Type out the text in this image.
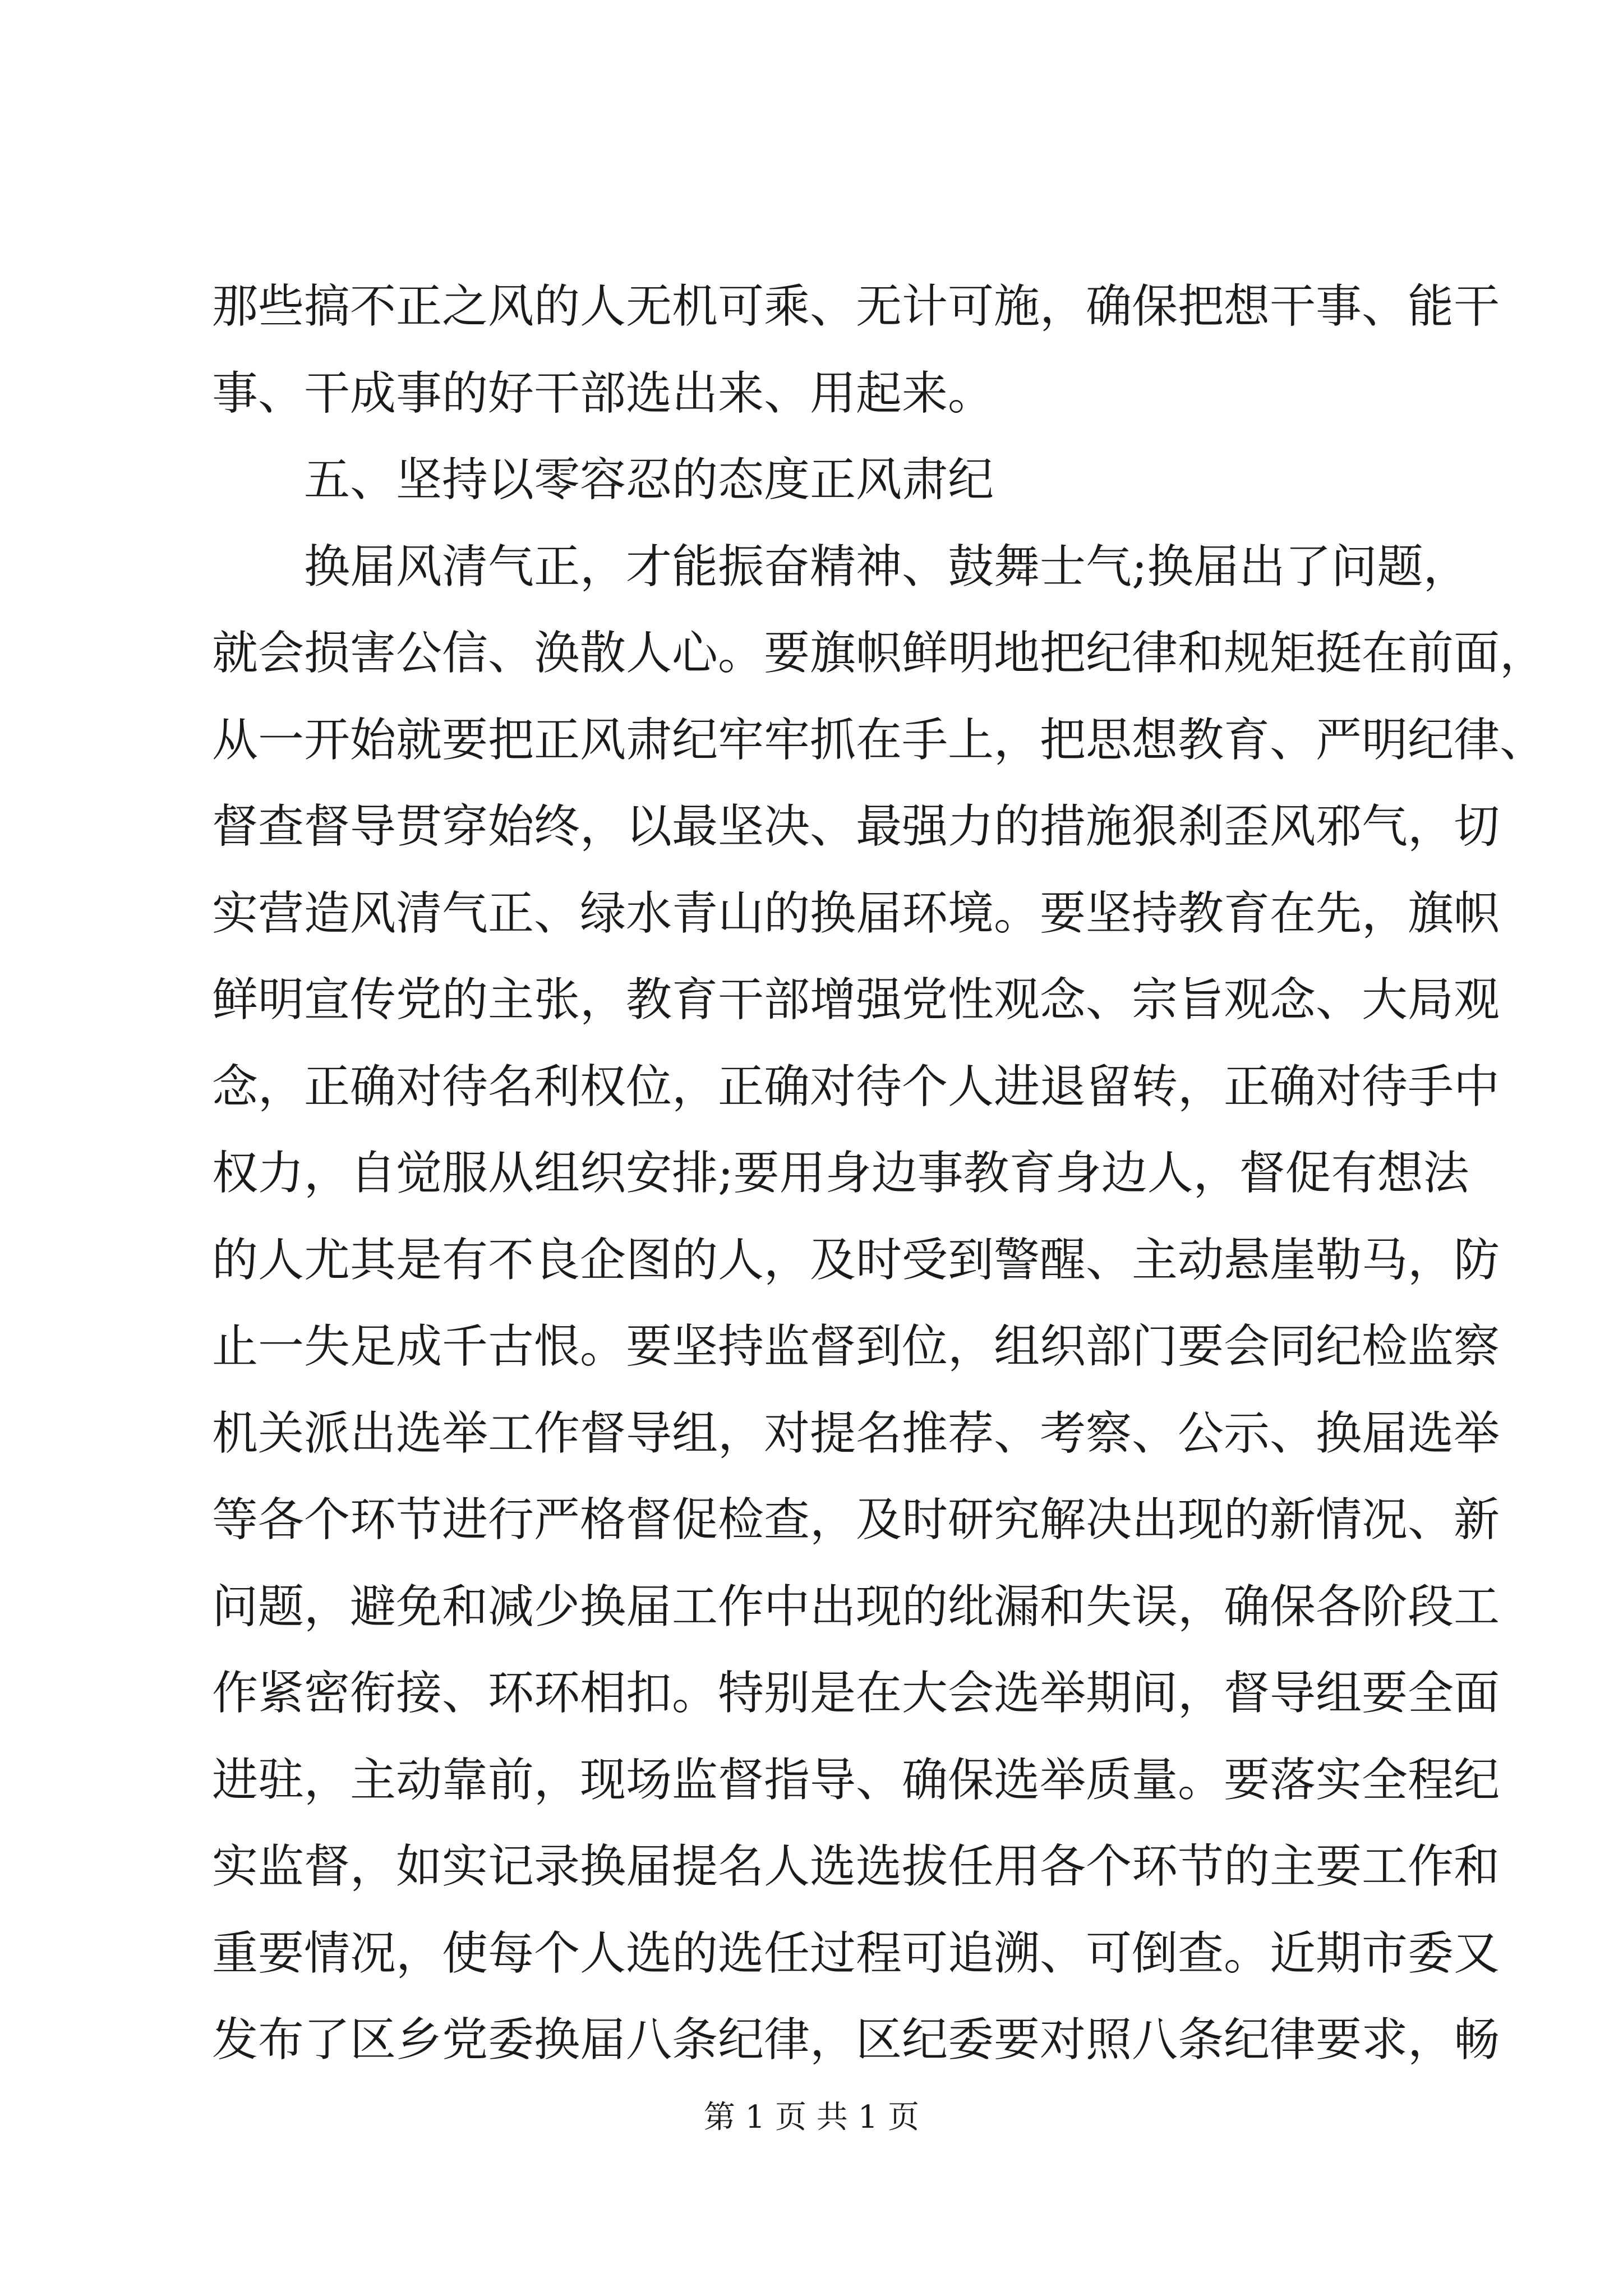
那些搞不正之风的人无机可乘、无计可施，确保把想干事、能干
事、干成事的好干部选出来、用起来。
五、坚持以零容忍的态度正风肃纪
换届风清气正，才能振奋精神、鼓舞士气;换届出了问题，
就会损害公信、涣散人心。要旗帜鲜明地把纪律和规矩挺在前面，
从一开始就要把正风肃纪牢牢抓在手上，把思想教育、严明纪律、
督查督导贯穿始终，以最坚决、最强力的措施狠刹歪风邪气，切
实营造风清气正、绿水青山的换届环境。要坚持教育在先，旗帜
鲜明宣传党的主张，教育干部增强党性观念、宗旨观念、大局观
念，正确对待名利权位，正确对待个人进退留转，正确对待手中
权力，自觉服从组织安排;要用身边事教育身边人，督促有想法
的人尤其是有不良企图的人，及时受到警醒、主动悬崖勒马，防
止一失足成千古恨。要坚持监督到位，组织部门要会同纪检监察
机关派出选举工作督导组，对提名推荐、考察、公示、换届选举
等各个环节进行严格督促检查，及时研究解决出现的新情况、新
问题，避免和减少换届工作中出现的纰漏和失误，确保各阶段工
作紧密衔接、环环相扣。特别是在大会选举期间，督导组要全面
进驻，主动靠前，现场监督指导、确保选举质量。要落实全程纪
实监督，如实记录换届提名人选选拔任用各个环节的主要工作和
重要情况，使每个人选的选任过程可追溯、可倒查。近期市委又
发布了区乡党委换届八条纪律，区纪委要对照八条纪律要求，畅
第 1 页 共 1 页
